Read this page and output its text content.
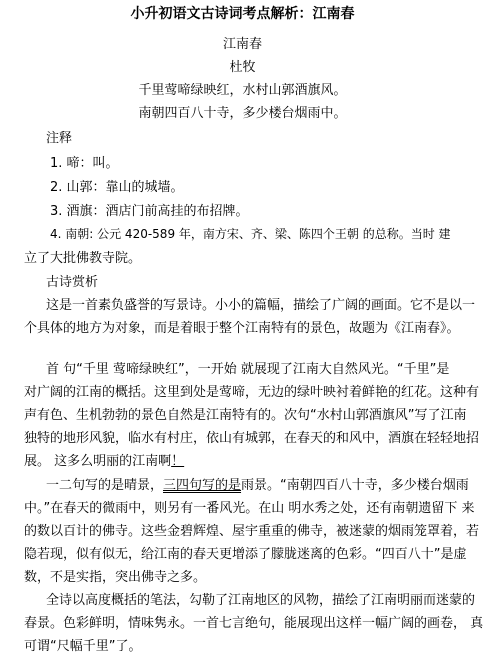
小升初语文古诗词考点解析：江南春
江南春
杜牧
千里莺啼绿映红，水村山郭酒旗风。
南朝四百八十寺，多少楼台烟雨中。
注释
1. 啼：叫。
2. 山郭：靠山的城墙。
3. 酒旗：酒店门前高挂的布招牌。
4. 南朝: 公元 420-589 年，南方宋、齐、梁、陈四个王朝 的总称。当时 建
立了大批佛教寺院。
古诗赏析
这是一首素负盛誉的写景诗。小小的篇幅，描绘了广阔的画面。它不是以一
个具体的地方为对象，而是着眼于整个江南特有的景色，故题为《江南春》。
首 句“千里 莺啼绿映红”，一开始 就展现了江南大自然风光。“千里”是
对广阔的江南的概括。这里到处是莺啼，无边的绿叶映衬着鲜艳的红花。这种有
声有色、生机勃勃的景色自然是江南特有的。次句“水村山郭酒旗风”写了江南
独特的地形风貌，临水有村庄，依山有城郭，在春天的和风中，酒旗在轻轻地招
展。 这多么明丽的江南啊！
一二句写的是晴景，三四句写的是雨景。“南朝四百八十寺，多少楼台烟雨
中。”在春天的微雨中，则另有一番风光。在山 明水秀之处，还有南朝遗留下 来
的数以百计的佛寺。这些金碧辉煌、屋宇重重的佛寺，被迷蒙的烟雨笼罩着，若
隐若现，似有似无，给江南的春天更增添了朦胧迷离的色彩。“四百八十”是虚
数，不是实指，突出佛寺之多。
全诗以高度概括的笔法，勾勒了江南地区的风物，描绘了江南明丽而迷蒙的
春景。色彩鲜明，情味隽永。一首七言绝句，能展现出这样一幅广阔的画卷， 真
可谓“尺幅千里”了。
